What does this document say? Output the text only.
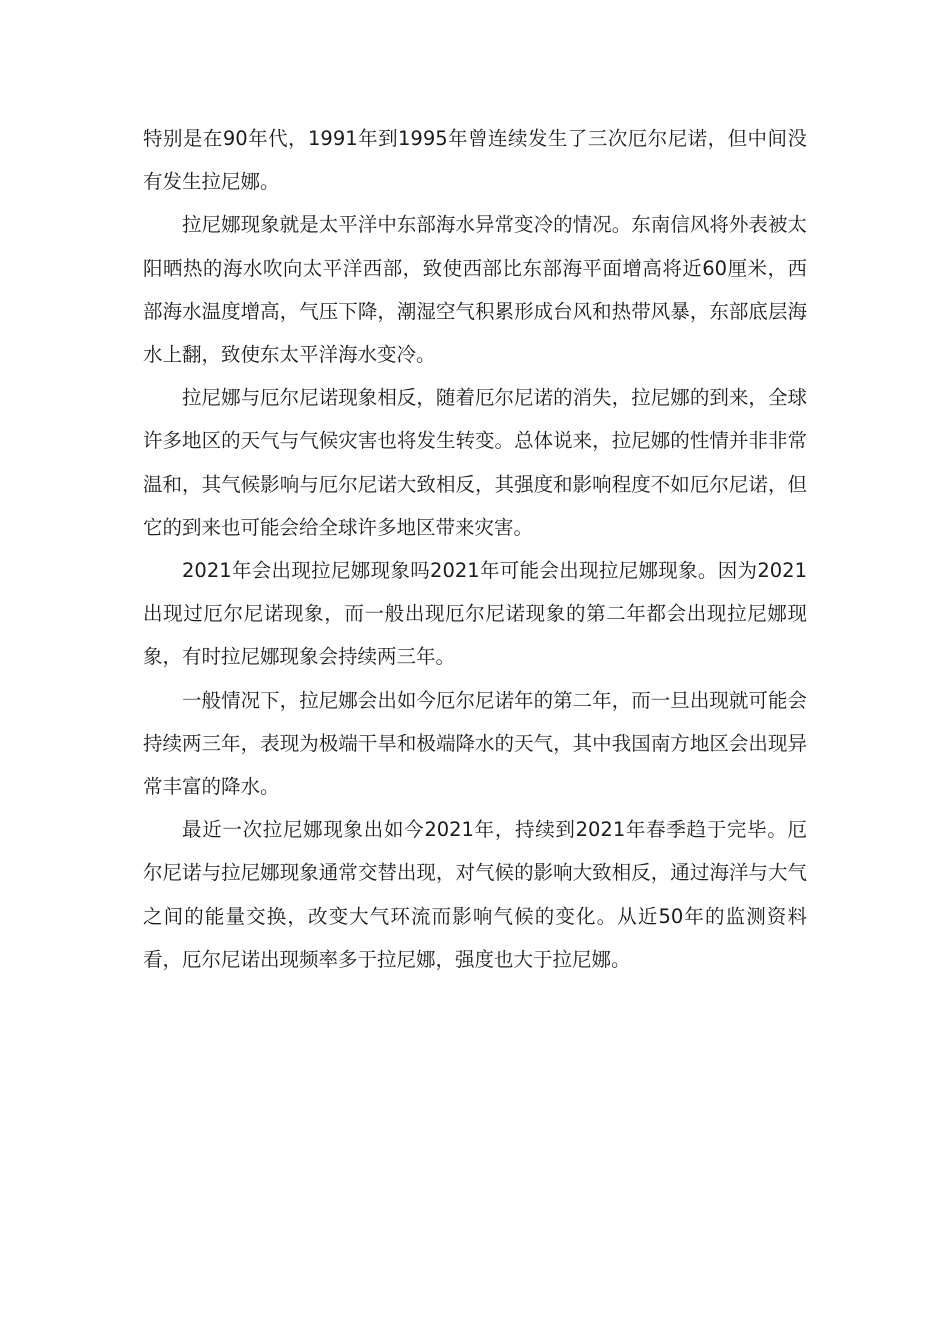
特别是在90年代，1991年到1995年曾连续发生了三次厄尔尼诺，但中间没有发生拉尼娜。

拉尼娜现象就是太平洋中东部海水异常变冷的情况。东南信风将外表被太阳晒热的海水吹向太平洋西部，致使西部比东部海平面增高将近60厘米，西部海水温度增高，气压下降，潮湿空气积累形成台风和热带风暴，东部底层海水上翻，致使东太平洋海水变冷。

拉尼娜与厄尔尼诺现象相反，随着厄尔尼诺的消失，拉尼娜的到来，全球许多地区的天气与气候灾害也将发生转变。总体说来，拉尼娜的性情并非非常温和，其气候影响与厄尔尼诺大致相反，其强度和影响程度不如厄尔尼诺，但它的到来也可能会给全球许多地区带来灾害。

2021年会出现拉尼娜现象吗2021年可能会出现拉尼娜现象。因为2021出现过厄尔尼诺现象，而一般出现厄尔尼诺现象的第二年都会出现拉尼娜现象，有时拉尼娜现象会持续两三年。

一般情况下，拉尼娜会出如今厄尔尼诺年的第二年，而一旦出现就可能会持续两三年，表现为极端干旱和极端降水的天气，其中我国南方地区会出现异常丰富的降水。

最近一次拉尼娜现象出如今2021年，持续到2021年春季趋于完毕。厄尔尼诺与拉尼娜现象通常交替出现，对气候的影响大致相反，通过海洋与大气之间的能量交换，改变大气环流而影响气候的变化。从近50年的监测资料看，厄尔尼诺出现频率多于拉尼娜，强度也大于拉尼娜。
